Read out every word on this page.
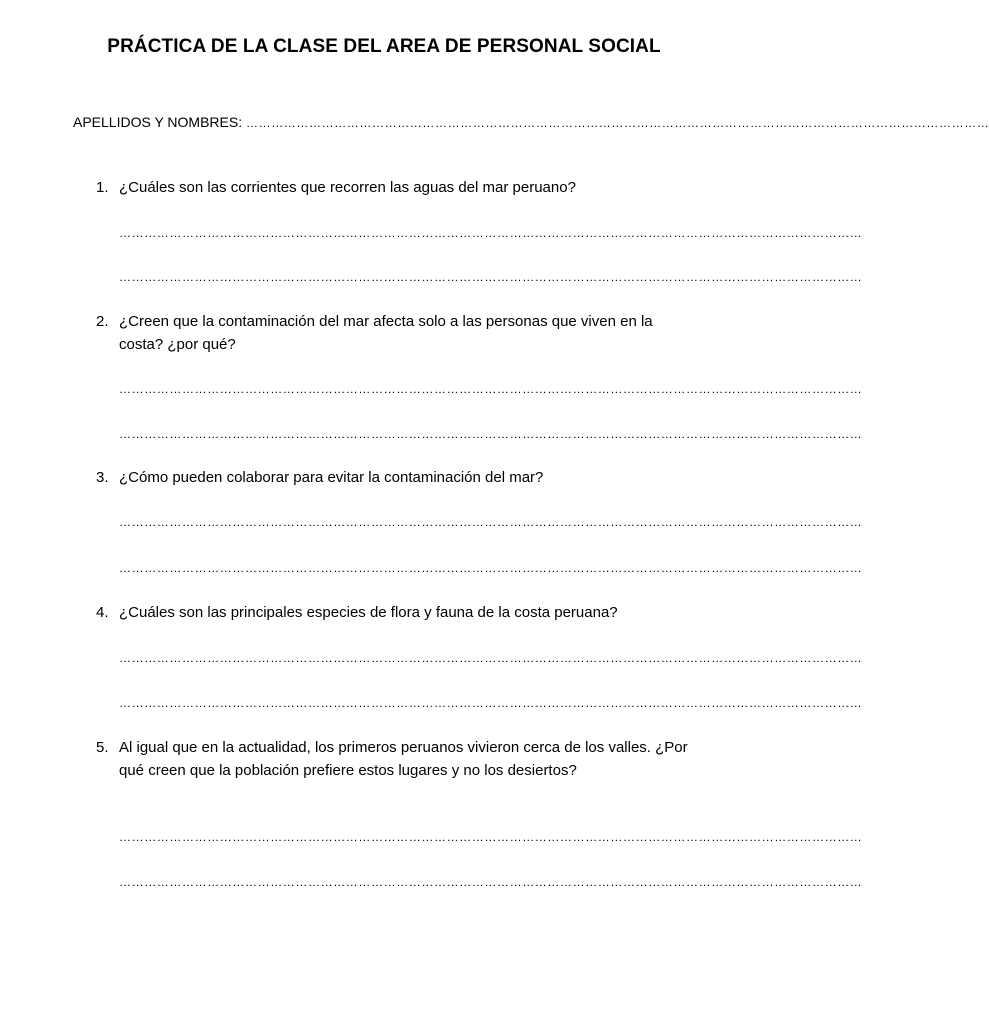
PRÁCTICA DE LA CLASE DEL AREA DE PERSONAL SOCIAL
APELLIDOS Y NOMBRES: ……………………………………………………………………………………………………………………………………………………………
1. ¿Cuáles son las corrientes que recorren las aguas del mar peruano?
……………………………………………………………………………………………………………………………………………………………
……………………………………………………………………………………………………………………………………………………………
2. ¿Creen que la contaminación del mar afecta solo a las personas que viven en la costa? ¿por qué?
……………………………………………………………………………………………………………………………………………………………
……………………………………………………………………………………………………………………………………………………………
3. ¿Cómo pueden colaborar para evitar la contaminación del mar?
……………………………………………………………………………………………………………………………………………………………
……………………………………………………………………………………………………………………………………………………………
4. ¿Cuáles son las principales especies de flora y fauna de la costa peruana?
……………………………………………………………………………………………………………………………………………………………
……………………………………………………………………………………………………………………………………………………………
5. Al igual que en la actualidad, los primeros peruanos vivieron cerca de los valles. ¿Por qué creen que la población prefiere estos lugares y no los desiertos?
……………………………………………………………………………………………………………………………………………………………
……………………………………………………………………………………………………………………………………………………………
